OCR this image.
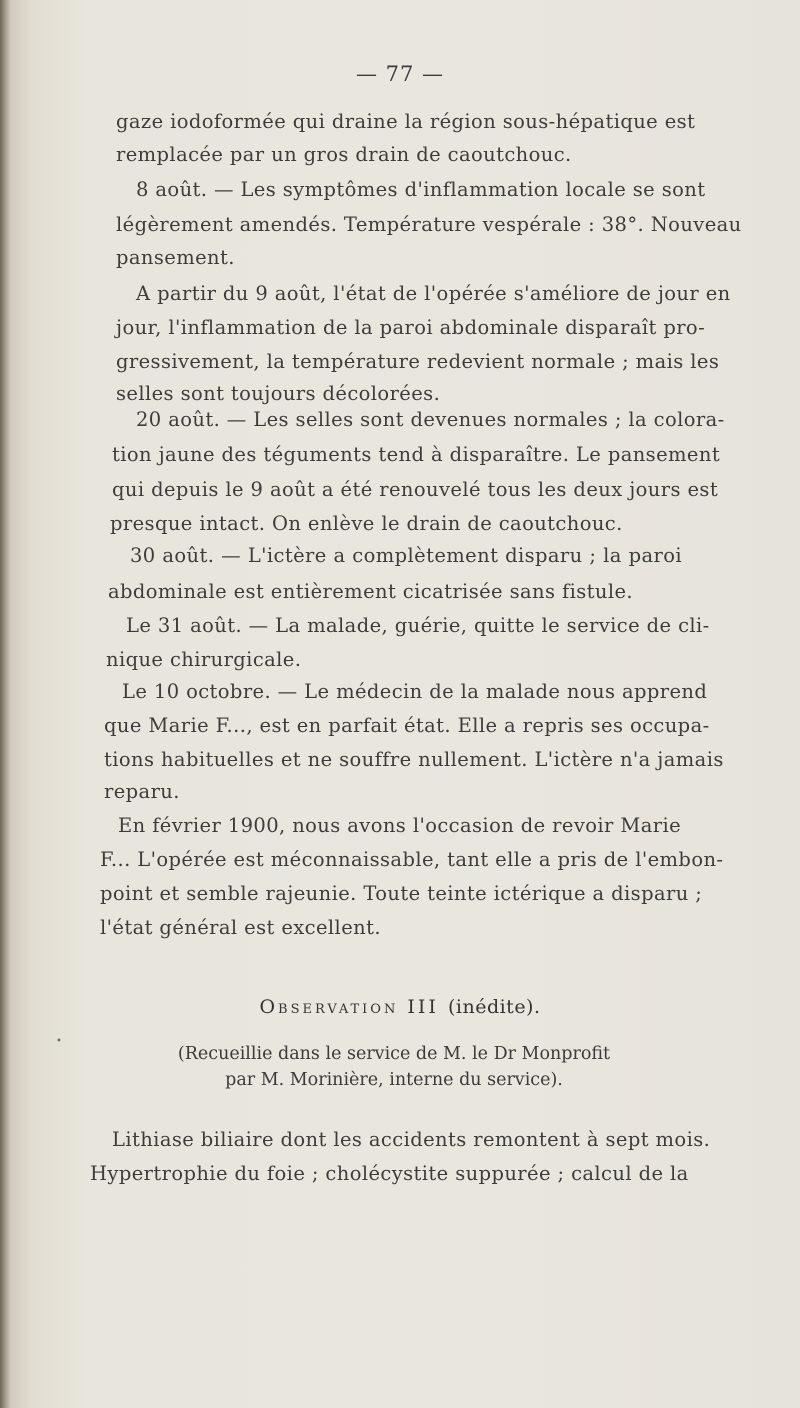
— 77 —
gaze iodoformée qui draine la région sous-hépatique est
remplacée par un gros drain de caoutchouc.
8 août. — Les symptômes d'inflammation locale se sont
légèrement amendés. Température vespérale : 38°. Nouveau
pansement.
A partir du 9 août, l'état de l'opérée s'améliore de jour en
jour, l'inflammation de la paroi abdominale disparaît pro-
gressivement, la température redevient normale ; mais les
selles sont toujours décolorées.
20 août. — Les selles sont devenues normales ; la colora-
tion jaune des téguments tend à disparaître. Le pansement
qui depuis le 9 août a été renouvelé tous les deux jours est
presque intact. On enlève le drain de caoutchouc.
30 août. — L'ictère a complètement disparu ; la paroi
abdominale est entièrement cicatrisée sans fistule.
Le 31 août. — La malade, guérie, quitte le service de cli-
nique chirurgicale.
Le 10 octobre. — Le médecin de la malade nous apprend
que Marie F..., est en parfait état. Elle a repris ses occupa-
tions habituelles et ne souffre nullement. L'ictère n'a jamais
reparu.
En février 1900, nous avons l'occasion de revoir Marie
F... L'opérée est méconnaissable, tant elle a pris de l'embon-
point et semble rajeunie. Toute teinte ictérique a disparu ;
l'état général est excellent.
Observation III (inédite).
•
(Recueillie dans le service de M. le Dr Monprofit
par M. Morinière, interne du service).
Lithiase biliaire dont les accidents remontent à sept mois.
Hypertrophie du foie ; cholécystite suppurée ; calcul de la
